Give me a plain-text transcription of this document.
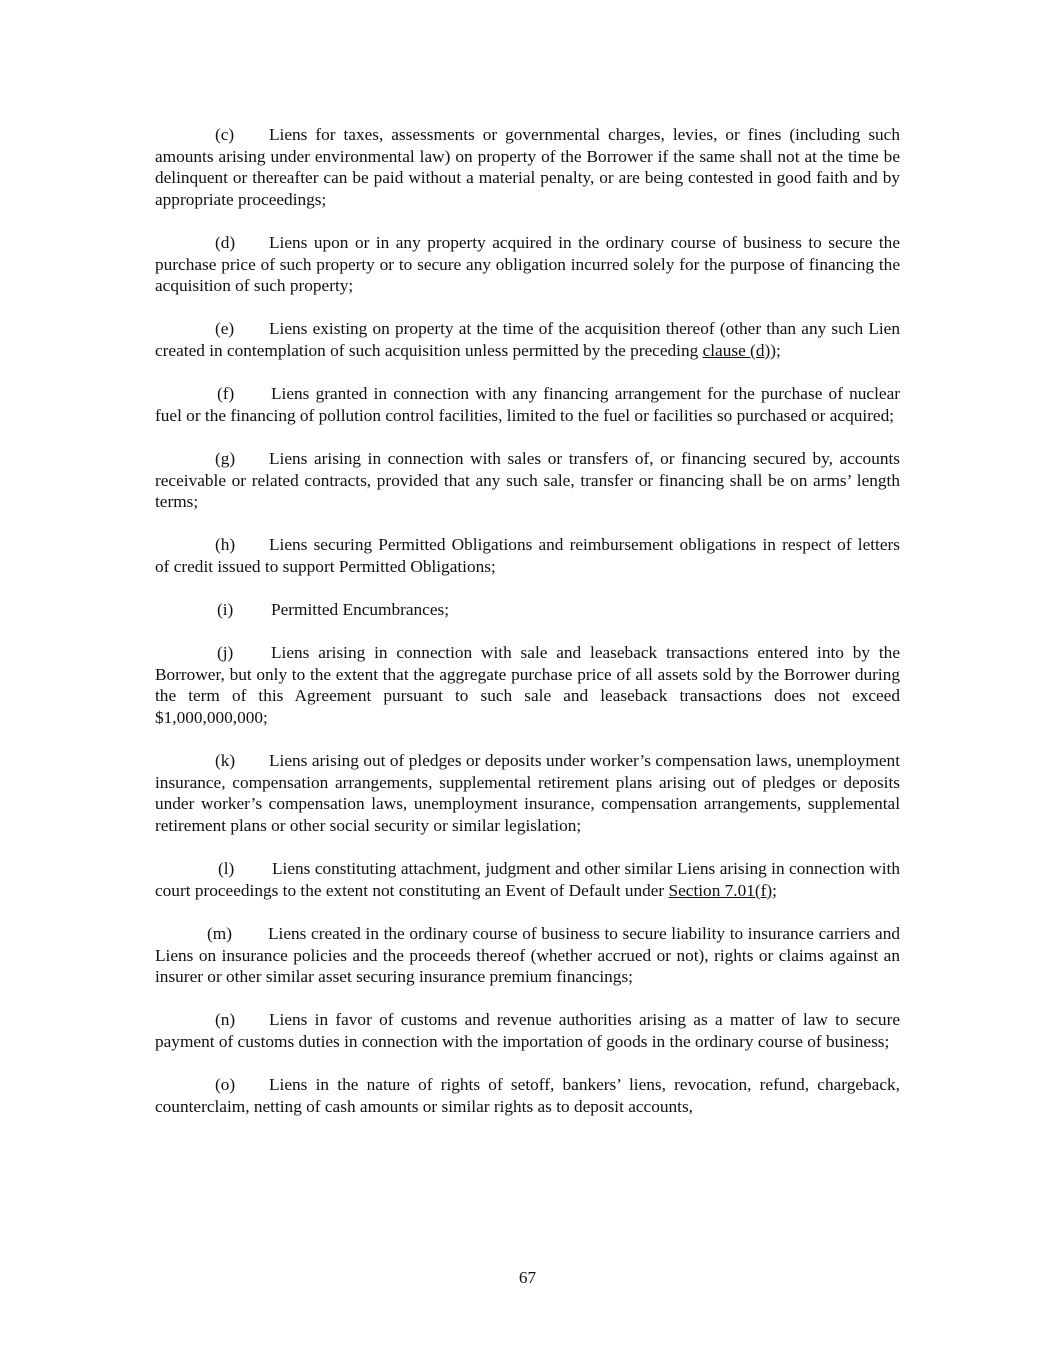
(c) Liens for taxes, assessments or governmental charges, levies, or fines (including such amounts arising under environmental law) on property of the Borrower if the same shall not at the time be delinquent or thereafter can be paid without a material penalty, or are being contested in good faith and by appropriate proceedings;

(d) Liens upon or in any property acquired in the ordinary course of business to secure the purchase price of such property or to secure any obligation incurred solely for the purpose of financing the acquisition of such property;

(e) Liens existing on property at the time of the acquisition thereof (other than any such Lien created in contemplation of such acquisition unless permitted by the preceding clause (d));

(f) Liens granted in connection with any financing arrangement for the purchase of nuclear fuel or the financing of pollution control facilities, limited to the fuel or facilities so purchased or acquired;

(g) Liens arising in connection with sales or transfers of, or financing secured by, accounts receivable or related contracts, provided that any such sale, transfer or financing shall be on arms’ length terms;

(h) Liens securing Permitted Obligations and reimbursement obligations in respect of letters of credit issued to support Permitted Obligations;

(i) Permitted Encumbrances;

(j) Liens arising in connection with sale and leaseback transactions entered into by the Borrower, but only to the extent that the aggregate purchase price of all assets sold by the Borrower during the term of this Agreement pursuant to such sale and leaseback transactions does not exceed $1,000,000,000;

(k) Liens arising out of pledges or deposits under worker’s compensation laws, unemployment insurance, compensation arrangements, supplemental retirement plans arising out of pledges or deposits under worker’s compensation laws, unemployment insurance, compensation arrangements, supplemental retirement plans or other social security or similar legislation;

(l) Liens constituting attachment, judgment and other similar Liens arising in connection with court proceedings to the extent not constituting an Event of Default under Section 7.01(f);

(m) Liens created in the ordinary course of business to secure liability to insurance carriers and Liens on insurance policies and the proceeds thereof (whether accrued or not), rights or claims against an insurer or other similar asset securing insurance premium financings;

(n) Liens in favor of customs and revenue authorities arising as a matter of law to secure payment of customs duties in connection with the importation of goods in the ordinary course of business;

(o) Liens in the nature of rights of setoff, bankers’ liens, revocation, refund, chargeback, counterclaim, netting of cash amounts or similar rights as to deposit accounts,

67
